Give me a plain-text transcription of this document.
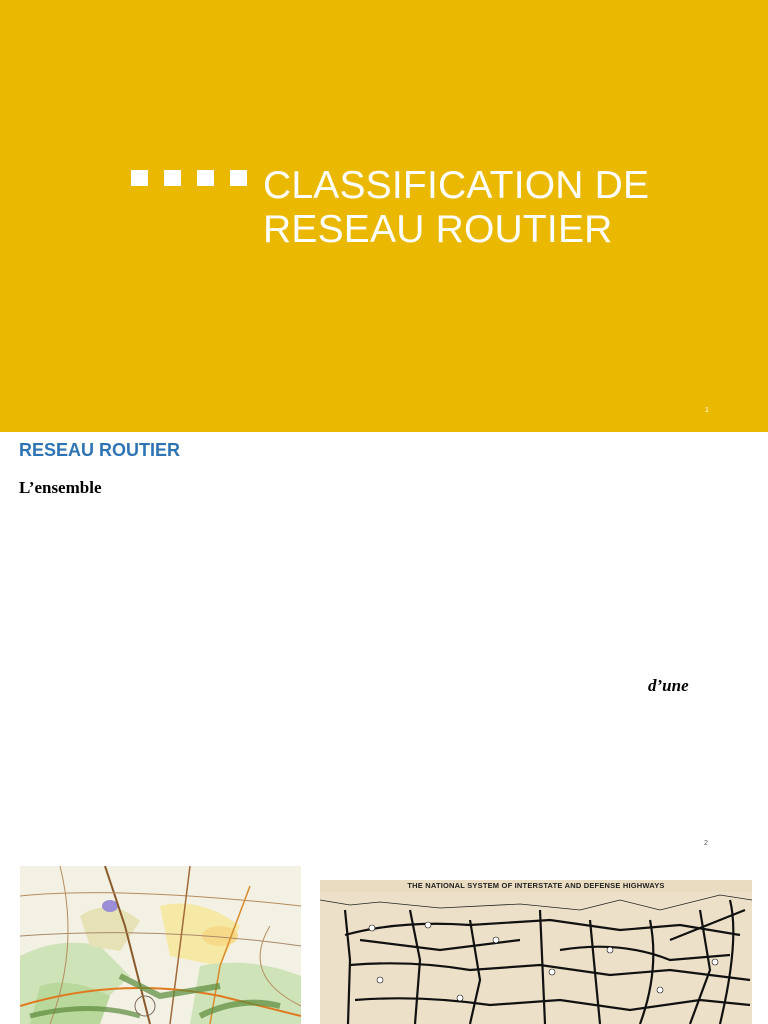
CLASSIFICATION DE
RESEAU ROUTIER
1
RESEAU ROUTIER
L’ensemble
d’une
2
THE NATIONAL SYSTEM OF INTERSTATE AND DEFENSE HIGHWAYS
